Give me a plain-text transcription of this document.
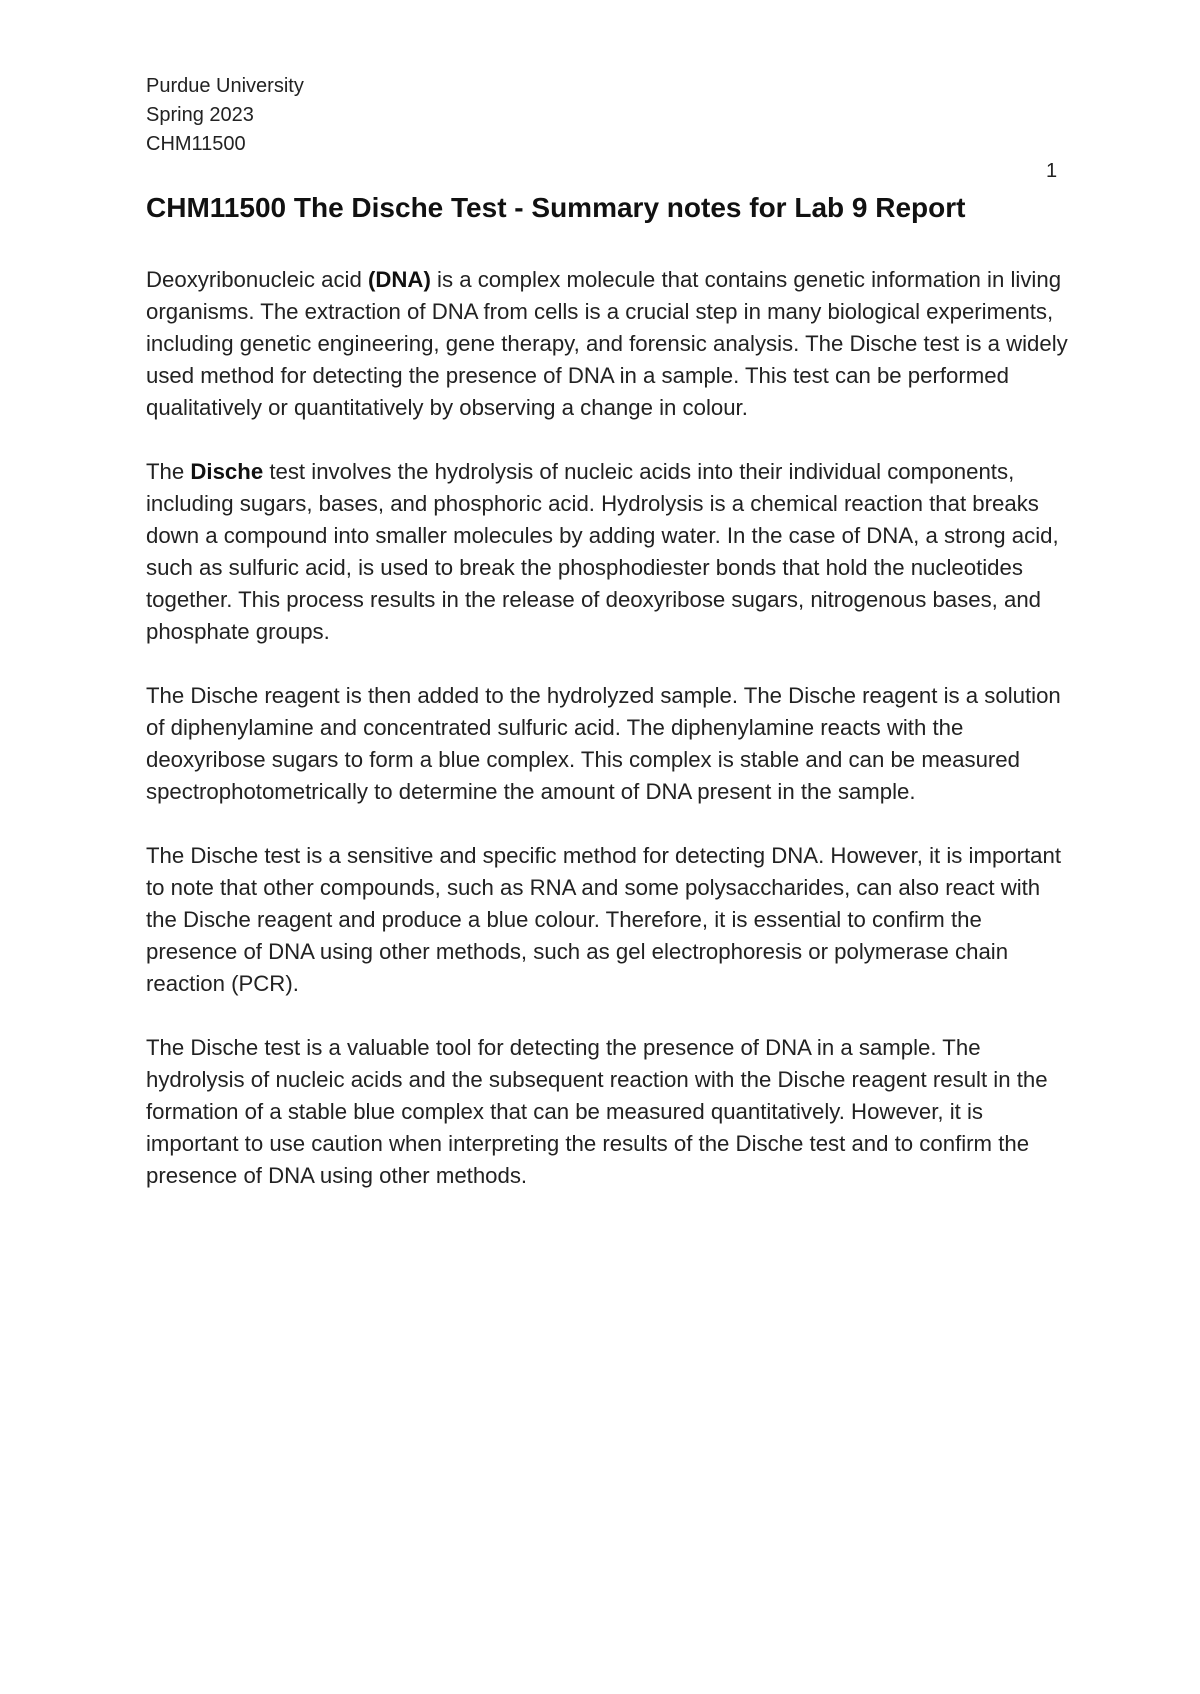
Purdue University
Spring 2023
CHM11500
1
CHM11500 The Dische Test - Summary notes for Lab 9 Report

Deoxyribonucleic acid (DNA) is a complex molecule that contains genetic information in living organisms. The extraction of DNA from cells is a crucial step in many biological experiments, including genetic engineering, gene therapy, and forensic analysis. The Dische test is a widely used method for detecting the presence of DNA in a sample. This test can be performed qualitatively or quantitatively by observing a change in colour.

The Dische test involves the hydrolysis of nucleic acids into their individual components, including sugars, bases, and phosphoric acid. Hydrolysis is a chemical reaction that breaks down a compound into smaller molecules by adding water. In the case of DNA, a strong acid, such as sulfuric acid, is used to break the phosphodiester bonds that hold the nucleotides together. This process results in the release of deoxyribose sugars, nitrogenous bases, and phosphate groups.

The Dische reagent is then added to the hydrolyzed sample. The Dische reagent is a solution of diphenylamine and concentrated sulfuric acid. The diphenylamine reacts with the deoxyribose sugars to form a blue complex. This complex is stable and can be measured spectrophotometrically to determine the amount of DNA present in the sample.

The Dische test is a sensitive and specific method for detecting DNA. However, it is important to note that other compounds, such as RNA and some polysaccharides, can also react with the Dische reagent and produce a blue colour. Therefore, it is essential to confirm the presence of DNA using other methods, such as gel electrophoresis or polymerase chain reaction (PCR).

The Dische test is a valuable tool for detecting the presence of DNA in a sample. The hydrolysis of nucleic acids and the subsequent reaction with the Dische reagent result in the formation of a stable blue complex that can be measured quantitatively. However, it is important to use caution when interpreting the results of the Dische test and to confirm the presence of DNA using other methods.
